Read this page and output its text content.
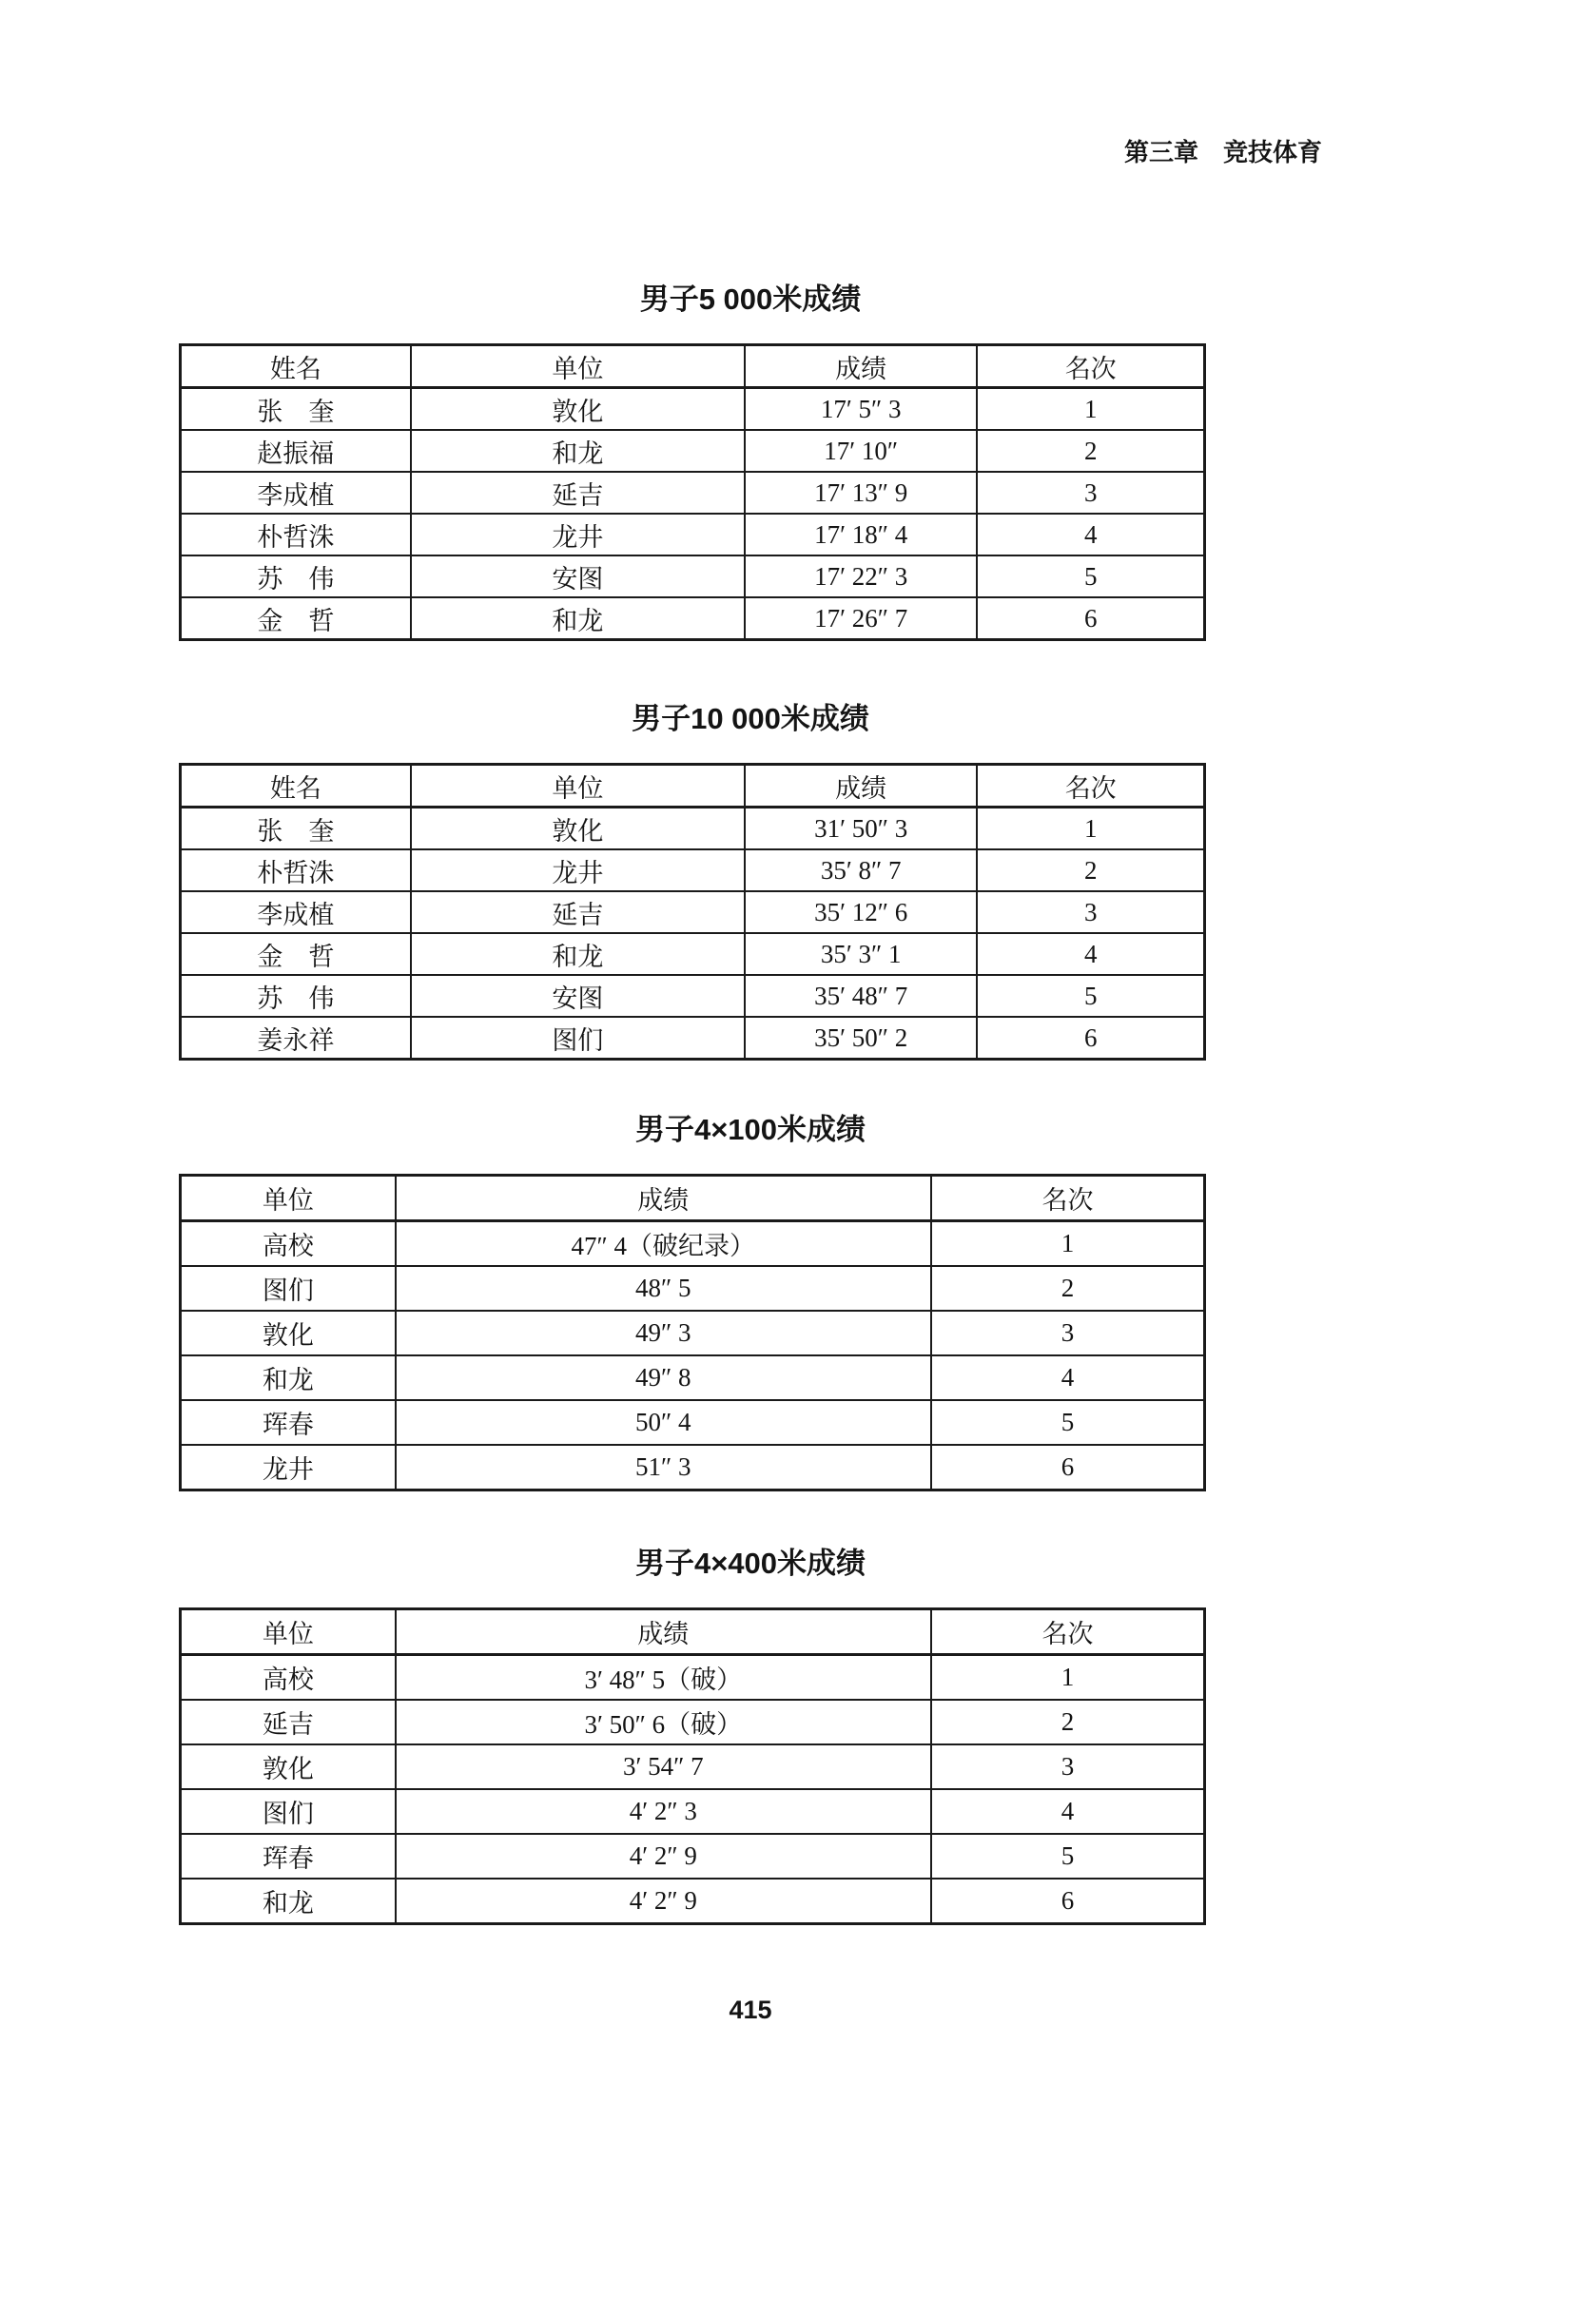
第三章　竞技体育
男子5 000米成绩
姓名	单位	成绩	名次
张　奎	敦化	17′ 5″ 3	1
赵振福	和龙	17′ 10″	2
李成植	延吉	17′ 13″ 9	3
朴哲洙	龙井	17′ 18″ 4	4
苏　伟	安图	17′ 22″ 3	5
金　哲	和龙	17′ 26″ 7	6
男子10 000米成绩
姓名	单位	成绩	名次
张　奎	敦化	31′ 50″ 3	1
朴哲洙	龙井	35′ 8″ 7	2
李成植	延吉	35′ 12″ 6	3
金　哲	和龙	35′ 3″ 1	4
苏　伟	安图	35′ 48″ 7	5
姜永祥	图们	35′ 50″ 2	6
男子4×100米成绩
单位	成绩	名次
高校	47″ 4（破纪录）	1
图们	48″ 5	2
敦化	49″ 3	3
和龙	49″ 8	4
珲春	50″ 4	5
龙井	51″ 3	6
男子4×400米成绩
单位	成绩	名次
高校	3′ 48″ 5（破）	1
延吉	3′ 50″ 6（破）	2
敦化	3′ 54″ 7	3
图们	4′ 2″ 3	4
珲春	4′ 2″ 9	5
和龙	4′ 2″ 9	6
415
